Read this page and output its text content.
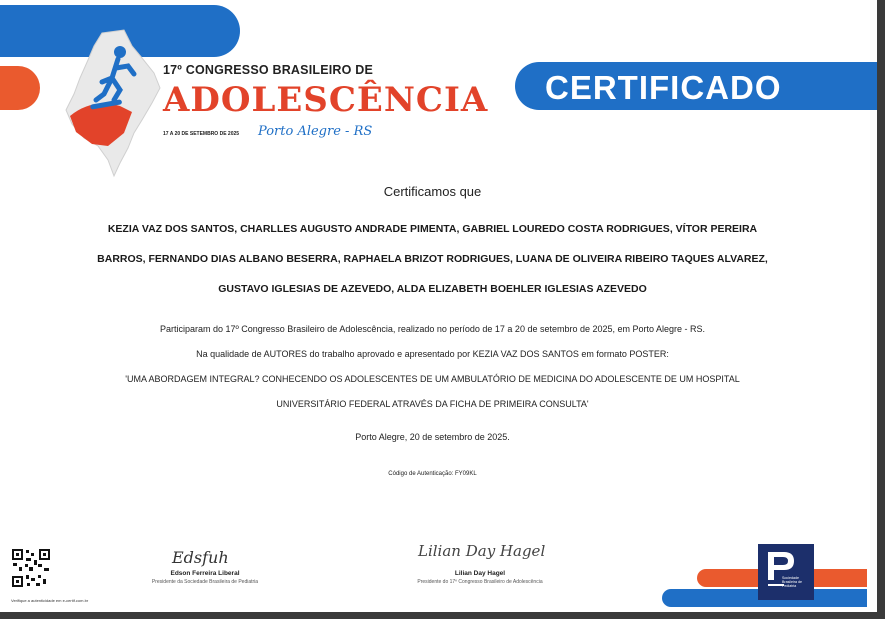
17º CONGRESSO BRASILEIRO DE
ADOLESCÊNCIA
17 A 20 DE SETEMBRO DE 2025 Porto Alegre - RS
CERTIFICADO
Certificamos que
KEZIA VAZ DOS SANTOS, CHARLLES AUGUSTO ANDRADE PIMENTA, GABRIEL LOUREDO COSTA RODRIGUES, VÍTOR PEREIRA
BARROS, FERNANDO DIAS ALBANO BESERRA, RAPHAELA BRIZOT RODRIGUES, LUANA DE OLIVEIRA RIBEIRO TAQUES ALVAREZ,
GUSTAVO IGLESIAS DE AZEVEDO, ALDA ELIZABETH BOEHLER IGLESIAS AZEVEDO
Participaram do 17º Congresso Brasileiro de Adolescência, realizado no período de 17 a 20 de setembro de 2025, em Porto Alegre - RS.
Na qualidade de AUTORES do trabalho aprovado e apresentado por KEZIA VAZ DOS SANTOS em formato POSTER:
'UMA ABORDAGEM INTEGRAL? CONHECENDO OS ADOLESCENTES DE UM AMBULATÓRIO DE MEDICINA DO ADOLESCENTE DE UM HOSPITAL
UNIVERSITÁRIO FEDERAL ATRAVÉS DA FICHA DE PRIMEIRA CONSULTA'
Porto Alegre, 20 de setembro de 2025.
Código de Autenticação: FY09KL
Verifique a autenticidade em e-certif.com.br
Edsfuh
Edson Ferreira Liberal
Presidente da Sociedade Brasileira de Pediatria
Lilian Day Hagel
Lilian Day Hagel
Presidente do 17º Congresso Brasileiro de Adolescência
Sociedade Brasileira de Pediatria
